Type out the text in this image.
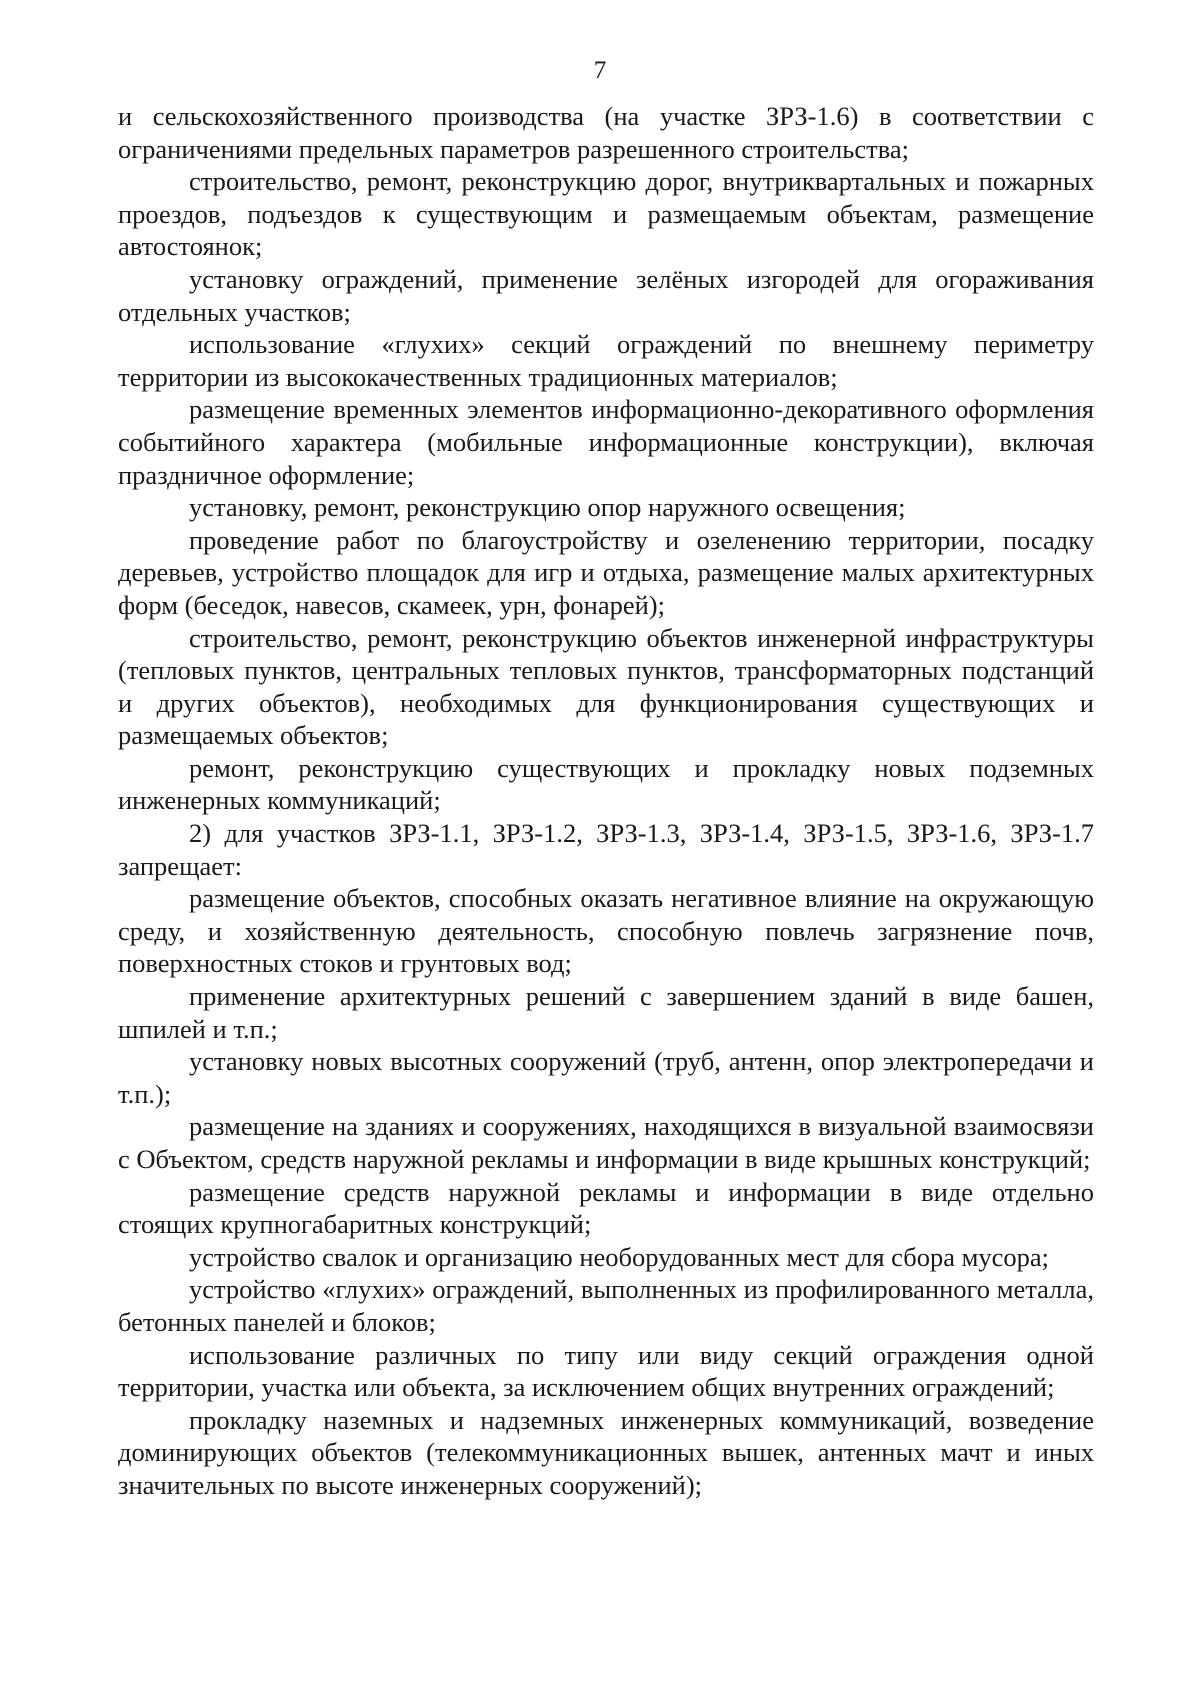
7

и сельскохозяйственного производства (на участке ЗРЗ-1.6) в соответствии с ограничениями предельных параметров разрешенного строительства;

строительство, ремонт, реконструкцию дорог, внутриквартальных и пожарных проездов, подъездов к существующим и размещаемым объектам, размещение автостоянок;

установку ограждений, применение зелёных изгородей для огораживания отдельных участков;

использование «глухих» секций ограждений по внешнему периметру территории из высококачественных традиционных материалов;

размещение временных элементов информационно-декоративного оформления событийного характера (мобильные информационные конструкции), включая праздничное оформление;

установку, ремонт, реконструкцию опор наружного освещения;

проведение работ по благоустройству и озеленению территории, посадку деревьев, устройство площадок для игр и отдыха, размещение малых архитектурных форм (беседок, навесов, скамеек, урн, фонарей);

строительство, ремонт, реконструкцию объектов инженерной инфраструктуры (тепловых пунктов, центральных тепловых пунктов, трансформаторных подстанций и других объектов), необходимых для функционирования существующих и размещаемых объектов;

ремонт, реконструкцию существующих и прокладку новых подземных инженерных коммуникаций;

2) для участков ЗРЗ-1.1, ЗРЗ-1.2, ЗРЗ-1.3, ЗРЗ-1.4, ЗРЗ-1.5, ЗРЗ-1.6, ЗРЗ-1.7 запрещает:

размещение объектов, способных оказать негативное влияние на окружающую среду, и хозяйственную деятельность, способную повлечь загрязнение почв, поверхностных стоков и грунтовых вод;

применение архитектурных решений с завершением зданий в виде башен, шпилей и т.п.;

установку новых высотных сооружений (труб, антенн, опор электропередачи и т.п.);

размещение на зданиях и сооружениях, находящихся в визуальной взаимосвязи с Объектом, средств наружной рекламы и информации в виде крышных конструкций;

размещение средств наружной рекламы и информации в виде отдельно стоящих крупногабаритных конструкций;

устройство свалок и организацию необорудованных мест для сбора мусора;

устройство «глухих» ограждений, выполненных из профилированного металла, бетонных панелей и блоков;

использование различных по типу или виду секций ограждения одной территории, участка или объекта, за исключением общих внутренних ограждений;

прокладку наземных и надземных инженерных коммуникаций, возведение доминирующих объектов (телекоммуникационных вышек, антенных мачт и иных значительных по высоте инженерных сооружений);
